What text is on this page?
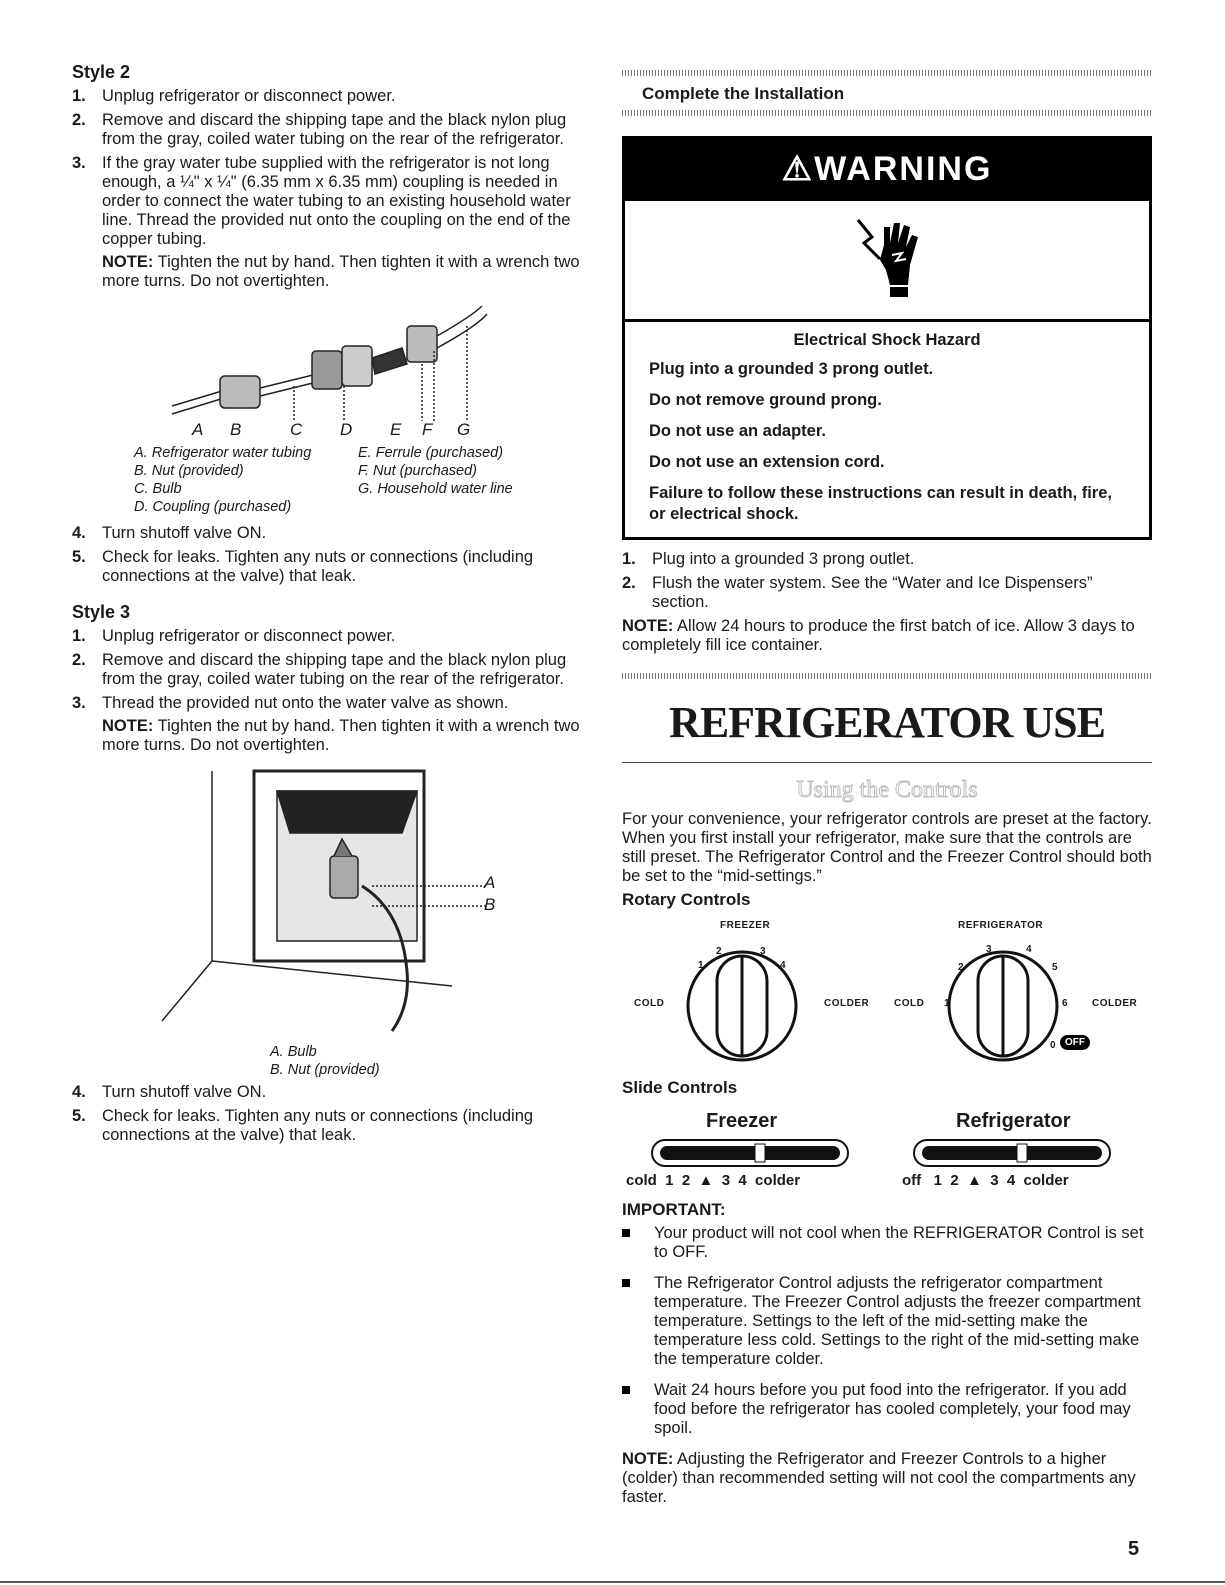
Style 2
1. Unplug refrigerator or disconnect power.
2. Remove and discard the shipping tape and the black nylon plug from the gray, coiled water tubing on the rear of the refrigerator.
3. If the gray water tube supplied with the refrigerator is not long enough, a ¼" x ¼" (6.35 mm x 6.35 mm) coupling is needed in order to connect the water tubing to an existing household water line. Thread the provided nut onto the coupling on the end of the copper tubing.
NOTE: Tighten the nut by hand. Then tighten it with a wrench two more turns. Do not overtighten.
A B	C D E F G
A. Refrigerator water tubing
B. Nut (provided)
C. Bulb
D. Coupling (purchased)
E. Ferrule (purchased)
F. Nut (purchased)
G. Household water line
4. Turn shutoff valve ON.
5. Check for leaks. Tighten any nuts or connections (including connections at the valve) that leak.
Style 3
1. Unplug refrigerator or disconnect power.
2. Remove and discard the shipping tape and the black nylon plug from the gray, coiled water tubing on the rear of the refrigerator.
3. Thread the provided nut onto the water valve as shown.
NOTE: Tighten the nut by hand. Then tighten it with a wrench two more turns. Do not overtighten.
A
B
A. Bulb
B. Nut (provided)
4. Turn shutoff valve ON.
5. Check for leaks. Tighten any nuts or connections (including connections at the valve) that leak.
Complete the Installation
⚠WARNING
Electrical Shock Hazard

Plug into a grounded 3 prong outlet.

Do not remove ground prong.

Do not use an adapter.

Do not use an extension cord.

Failure to follow these instructions can result in death, fire, or electrical shock.

1. Plug into a grounded 3 prong outlet.
2. Flush the water system. See the “Water and Ice Dispensers” section.

NOTE: Allow 24 hours to produce the first batch of ice. Allow 3 days to completely fill ice container.

REFRIGERATOR USE
Using the Controls

For your convenience, your refrigerator controls are preset at the factory. When you first install your refrigerator, make sure that the controls are still preset. The Refrigerator Control and the Freezer Control should both be set to the “mid-settings.”

Rotary Controls
FREEZER	REFRIGERATOR
1
2	3
4
COLD	COLDER COLD 1
2
3	4
5
6 COLDER
0 OFF
Slide Controls
Freezer	Refrigerator
cold  1  2  ▲  3  4  colder	off   1  2  ▲  3  4  colder
IMPORTANT:
Your product will not cool when the REFRIGERATOR Control is set to OFF.
The Refrigerator Control adjusts the refrigerator compartment temperature. The Freezer Control adjusts the freezer compartment temperature. Settings to the left of the mid-setting make the temperature less cold. Settings to the right of the mid-setting make the temperature colder.
Wait 24 hours before you put food into the refrigerator. If you add food before the refrigerator has cooled completely, your food may spoil.

NOTE: Adjusting the Refrigerator and Freezer Controls to a higher (colder) than recommended setting will not cool the compartments any faster.

5
